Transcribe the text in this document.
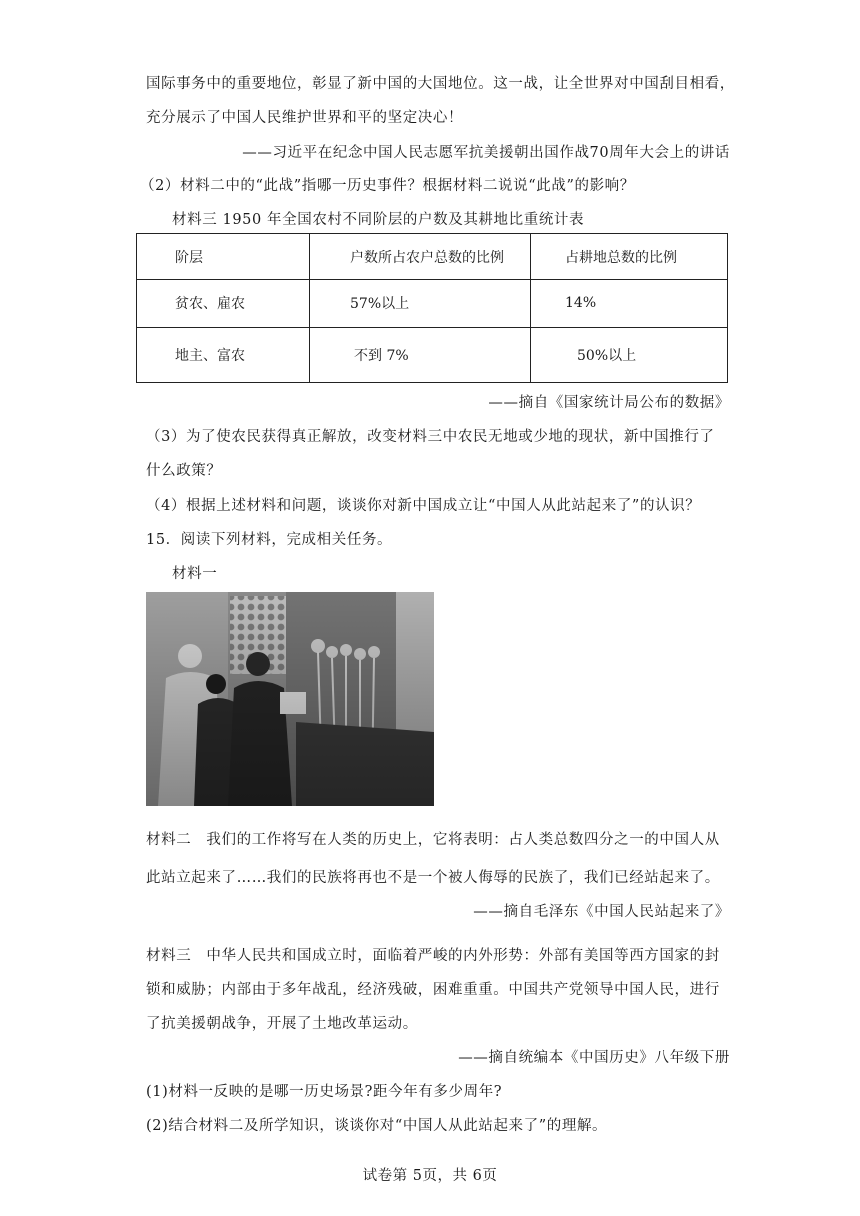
国际事务中的重要地位，彰显了新中国的大国地位。这一战，让全世界对中国刮目相看，
充分展示了中国人民维护世界和平的坚定决心！
——习近平在纪念中国人民志愿军抗美援朝出国作战70周年大会上的讲话
（2）材料二中的“此战”指哪一历史事件？根据材料二说说“此战”的影响？
材料三 1950 年全国农村不同阶层的户数及其耕地比重统计表
阶层	户数所占农户总数的比例	占耕地总数的比例

贫农、雇农	57%以上	14%

地主、富农	不到 7%	50%以上
——摘自《国家统计局公布的数据》
（3）为了使农民获得真正解放，改变材料三中农民无地或少地的现状，新中国推行了
什么政策？
（4）根据上述材料和问题，谈谈你对新中国成立让“中国人从此站起来了”的认识？
15．阅读下列材料，完成相关任务。
材料一
材料二　我们的工作将写在人类的历史上，它将表明：占人类总数四分之一的中国人从
此站立起来了……我们的民族将再也不是一个被人侮辱的民族了，我们已经站起来了。
——摘自毛泽东《中国人民站起来了》
材料三　中华人民共和国成立时，面临着严峻的内外形势：外部有美国等西方国家的封
锁和威胁；内部由于多年战乱，经济残破，困难重重。中国共产党领导中国人民，进行
了抗美援朝战争，开展了土地改革运动。
——摘自统编本《中国历史》八年级下册
(1)材料一反映的是哪一历史场景?距今年有多少周年?
(2)结合材料二及所学知识，谈谈你对“中国人从此站起来了”的理解。
试卷第 5页，共 6页
